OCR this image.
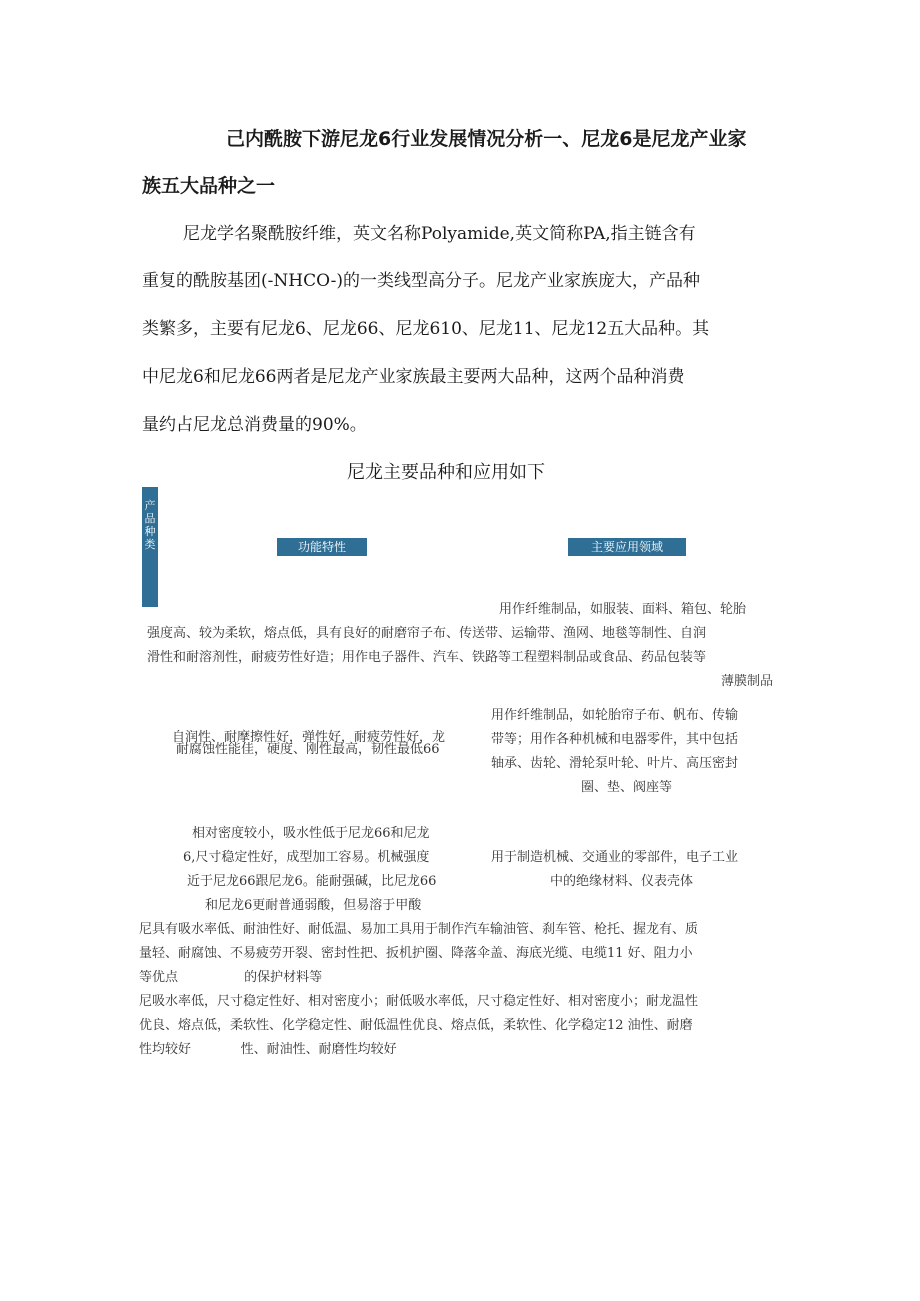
己内酰胺下游尼龙6行业发展情况分析一、尼龙6是尼龙产业家
族五大品种之一
尼龙学名聚酰胺纤维，英文名称Polyamide,英文简称PA,指主链含有
重复的酰胺基团(-NHCO-)的一类线型高分子。尼龙产业家族庞大，产品种
类繁多，主要有尼龙6、尼龙66、尼龙610、尼龙11、尼龙12五大品种。其
中尼龙6和尼龙66两者是尼龙产业家族最主要两大品种，这两个品种消费
量约占尼龙总消费量的90%。
尼龙主要品种和应用如下
产品种类	功能特性	主要应用领域
用作纤维制品，如服装、面料、箱包、轮胎
强度高、较为柔软，熔点低，具有良好的耐磨帘子布、传送带、运输带、渔网、地毯等制性、自润
滑性和耐溶剂性，耐疲劳性好造；用作电子器件、汽车、铁路等工程塑料制品或食品、药品包装等
薄膜制品
自润性、耐摩擦性好，弹性好，耐疲劳性好，龙
耐腐蚀性能佳，硬度、刚性最高，韧性最低66
用作纤维制品，如轮胎帘子布、帆布、传输
带等；用作各种机械和电器零件，其中包括
轴承、齿轮、滑轮泵叶轮、叶片、高压密封
圈、垫、阀座等
相对密度较小，吸水性低于尼龙66和尼龙
6,尺寸稳定性好，成型加工容易。机械强度
近于尼龙66跟尼龙6。能耐强碱，比尼龙66
和尼龙6更耐普通弱酸，但易溶于甲酸
用于制造机械、交通业的零部件，电子工业
中的绝缘材料、仪表壳体
尼具有吸水率低、耐油性好、耐低温、易加工具用于制作汽车输油管、刹车管、枪托、握龙有、质
量轻、耐腐蚀、不易疲劳开裂、密封性把、扳机护圈、降落伞盖、海底光缆、电缆11 好、阻力小
等优点                的保护材料等
尼吸水率低，尺寸稳定性好、相对密度小；耐低吸水率低，尺寸稳定性好、相对密度小；耐龙温性
优良、熔点低，柔软性、化学稳定性、耐低温性优良、熔点低，柔软性、化学稳定12 油性、耐磨
性均较好            性、耐油性、耐磨性均较好
